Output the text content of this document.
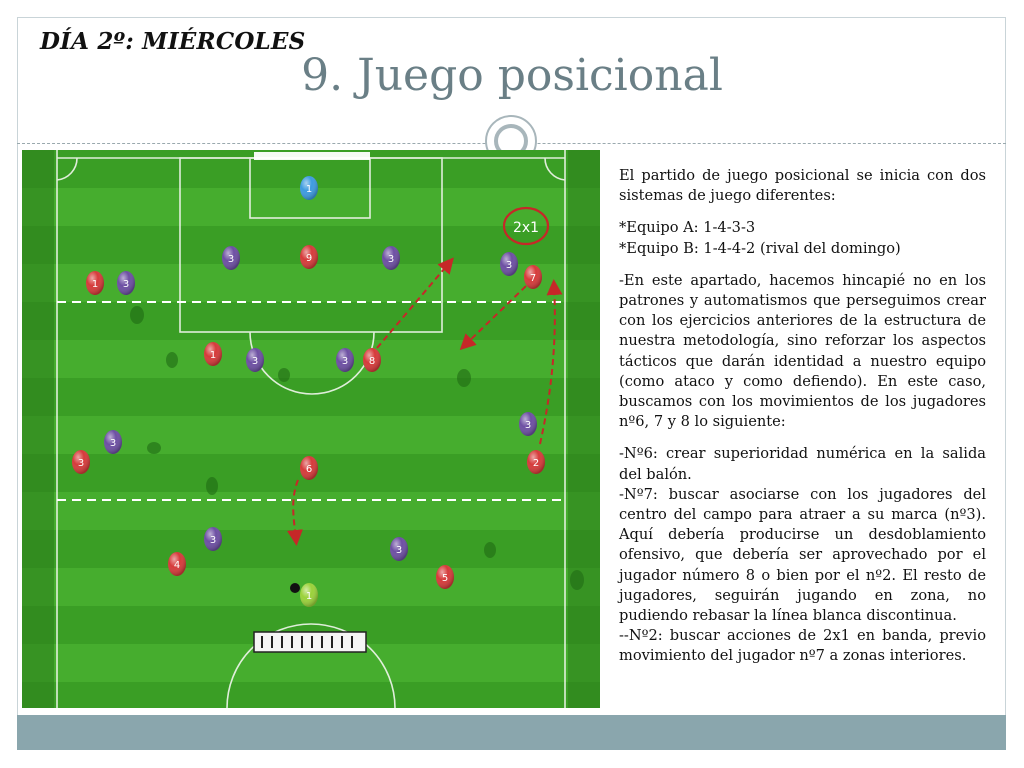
DÍA 2º: MIÉRCOLES
9. Juego posicional
2x1
1
3	9	3
3
7
1 3
1
3	3 8
3
3
3
6
2
3
3
4
5
1

El partido de juego posicional se inicia con dos sistemas de juego diferentes:

*Equipo A: 1-4-3-3

*Equipo B: 1-4-4-2 (rival del domingo)

-En este apartado, hacemos hincapié no en los patrones y automatismos que perseguimos crear con los ejercicios anteriores de la estructura de nuestra metodología, sino reforzar los aspectos tácticos que darán identidad a nuestro equipo (como ataco y como defiendo). En este caso, buscamos con los movimientos de los jugadores nº6, 7 y 8 lo siguiente:

-Nº6: crear superioridad numérica en la salida del balón.

-Nº7: buscar asociarse con los jugadores del centro del campo para atraer a su marca (nº3). Aquí debería producirse un desdoblamiento ofensivo, que debería ser aprovechado por el jugador número 8 o bien por el nº2. El resto de jugadores, seguirán jugando en zona, no pudiendo rebasar la línea blanca discontinua.

--Nº2: buscar acciones de 2x1 en banda, previo movimiento del jugador nº7 a zonas interiores.
